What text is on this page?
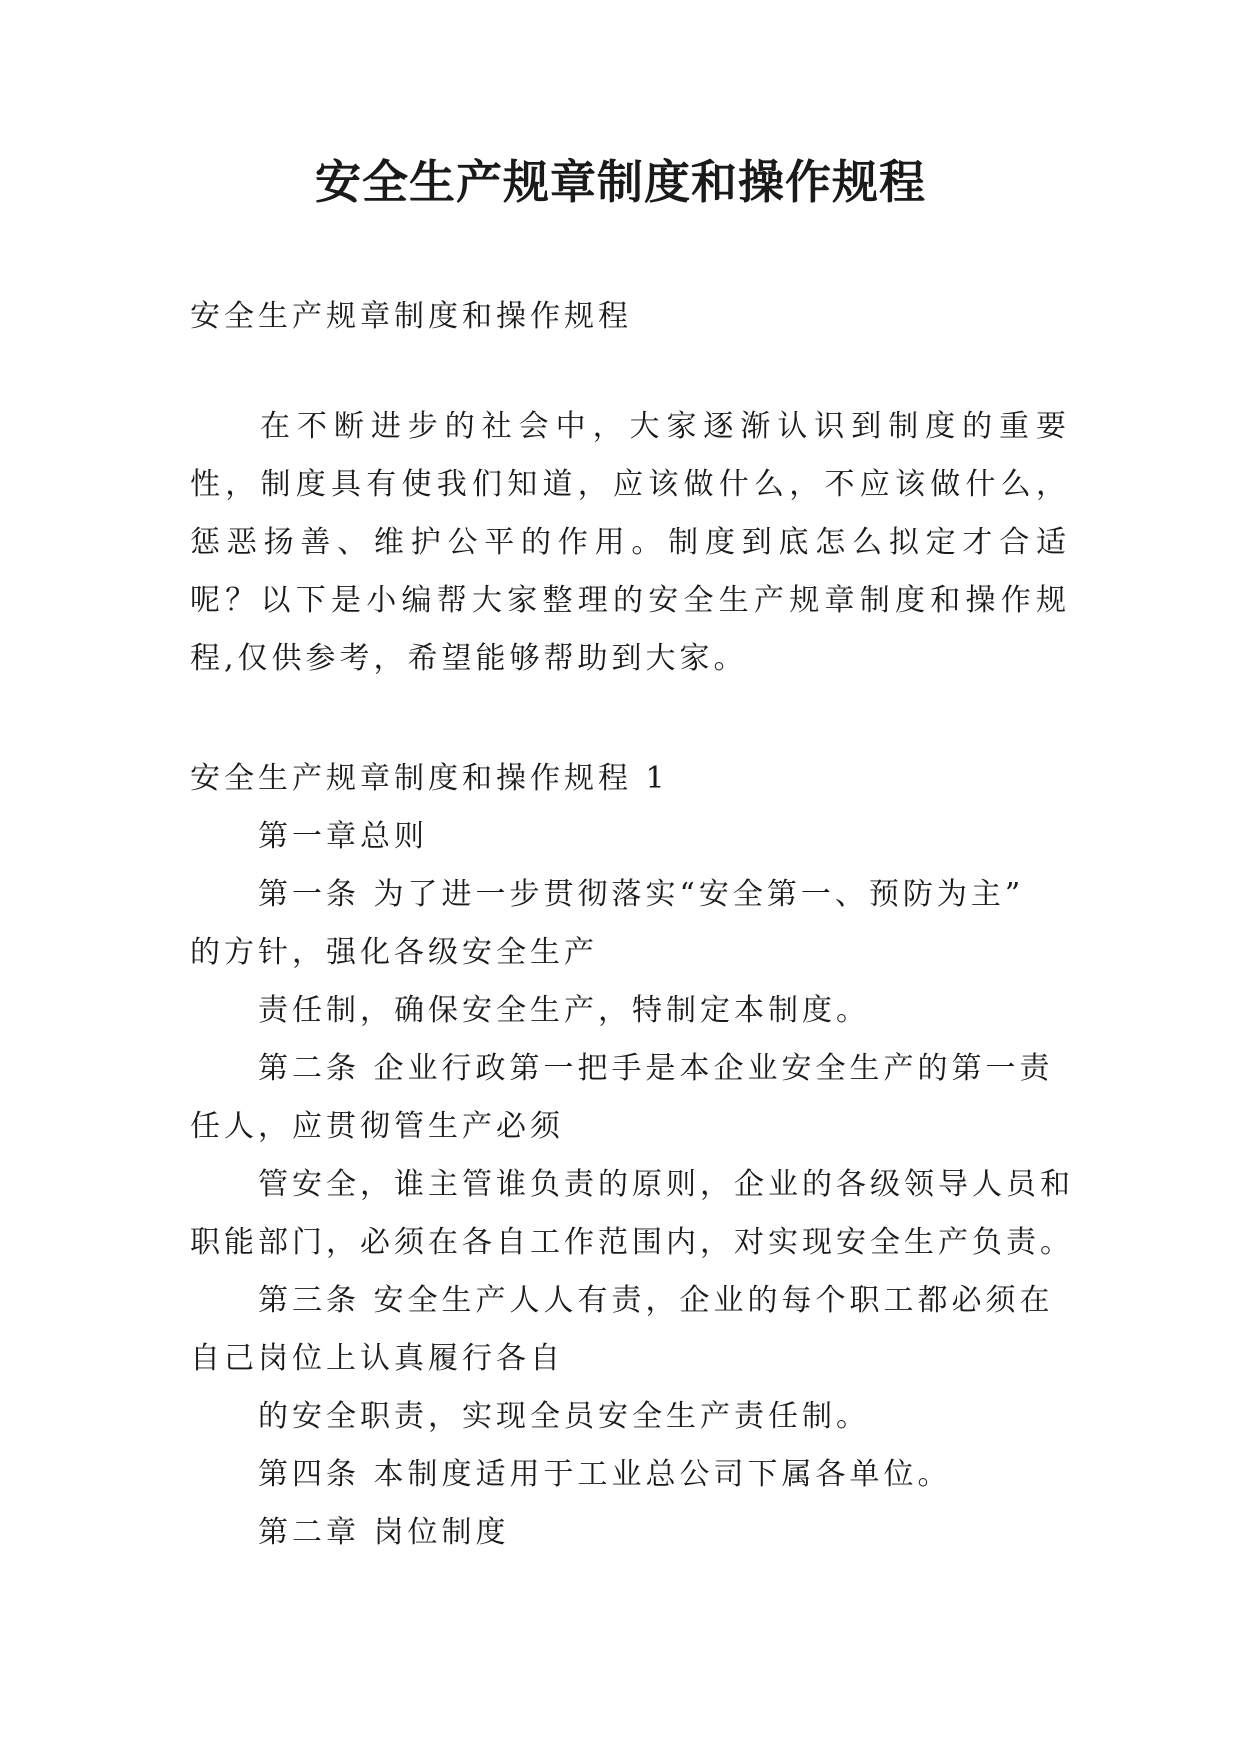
安全生产规章制度和操作规程

安全生产规章制度和操作规程

在不断进步的社会中，大家逐渐认识到制度的重要性，制度具有使我们知道，应该做什么，不应该做什么，惩恶扬善、维护公平的作用。制度到底怎么拟定才合适呢？以下是小编帮大家整理的安全生产规章制度和操作规程,仅供参考，希望能够帮助到大家。

安全生产规章制度和操作规程 1
第一章总则
第一条 为了进一步贯彻落实“安全第一、预防为主”
的方针，强化各级安全生产
责任制，确保安全生产，特制定本制度。
第二条 企业行政第一把手是本企业安全生产的第一责
任人，应贯彻管生产必须
管安全，谁主管谁负责的原则，企业的各级领导人员和
职能部门，必须在各自工作范围内，对实现安全生产负责。
第三条 安全生产人人有责，企业的每个职工都必须在
自己岗位上认真履行各自
的安全职责，实现全员安全生产责任制。
第四条 本制度适用于工业总公司下属各单位。
第二章 岗位制度
